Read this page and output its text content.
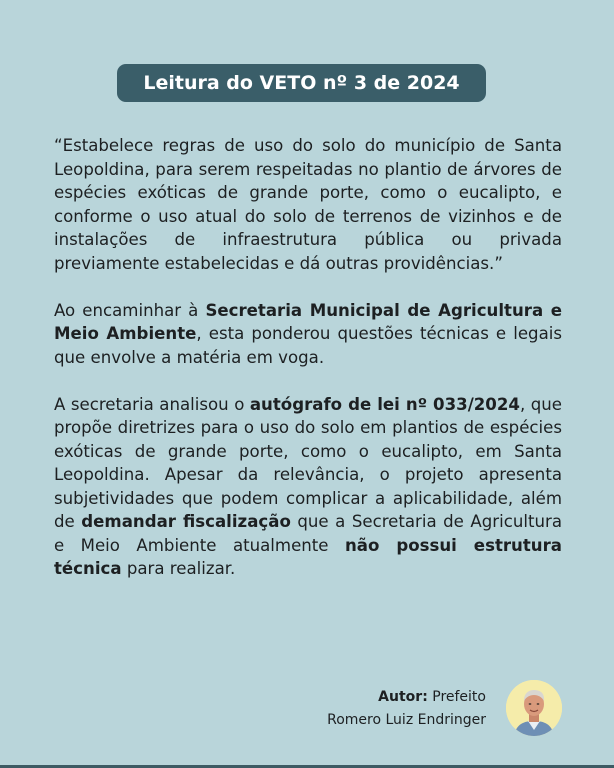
Leitura do VETO nº 3 de 2024

“Estabelece regras de uso do solo do município de Santa Leopoldina, para serem respeitadas no plantio de árvores de espécies exóticas de grande porte, como o eucalipto, e conforme o uso atual do solo de terrenos de vizinhos e de instalações de infraestrutura pública ou privada previamente estabelecidas e dá outras providências.”

Ao encaminhar à Secretaria Municipal de Agricultura e Meio Ambiente, esta ponderou questões técnicas e legais que envolve a matéria em voga.

A secretaria analisou o autógrafo de lei nº 033/2024, que propõe diretrizes para o uso do solo em plantios de espécies exóticas de grande porte, como o eucalipto, em Santa Leopoldina. Apesar da relevância, o projeto apresenta subjetividades que podem complicar a aplicabilidade, além de demandar fiscalização que a Secretaria de Agricultura e Meio Ambiente atualmente não possui estrutura técnica para realizar.

Autor: Prefeito
Romero Luiz Endringer
